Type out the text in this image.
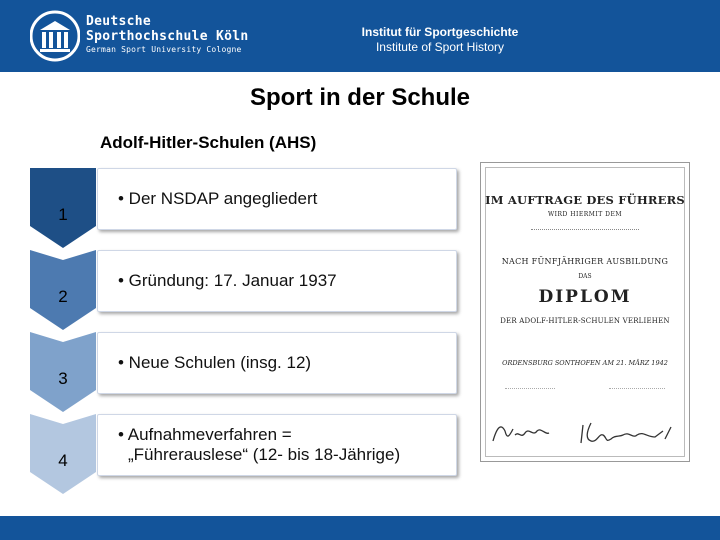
Deutsche
Sporthochschule Köln
German Sport University Cologne
Institut für Sportgeschichte
Institute of Sport History
Sport in der Schule
Adolf-Hitler-Schulen (AHS)
1
• Der NSDAP angegliedert
2
• Gründung: 17. Januar 1937
3
• Neue Schulen (insg. 12)
4
• Aufnahmeverfahren =
„Führerauslese“ (12- bis 18-Jährige)
IM AUFTRAGE DES FÜHRERS
WIRD HIERMIT DEM
NACH FÜNFJÄHRIGER AUSBILDUNG
DAS
DIPLOM
DER ADOLF-HITLER-SCHULEN VERLIEHEN
ORDENSBURG SONTHOFEN AM 21. MÄRZ 1942
